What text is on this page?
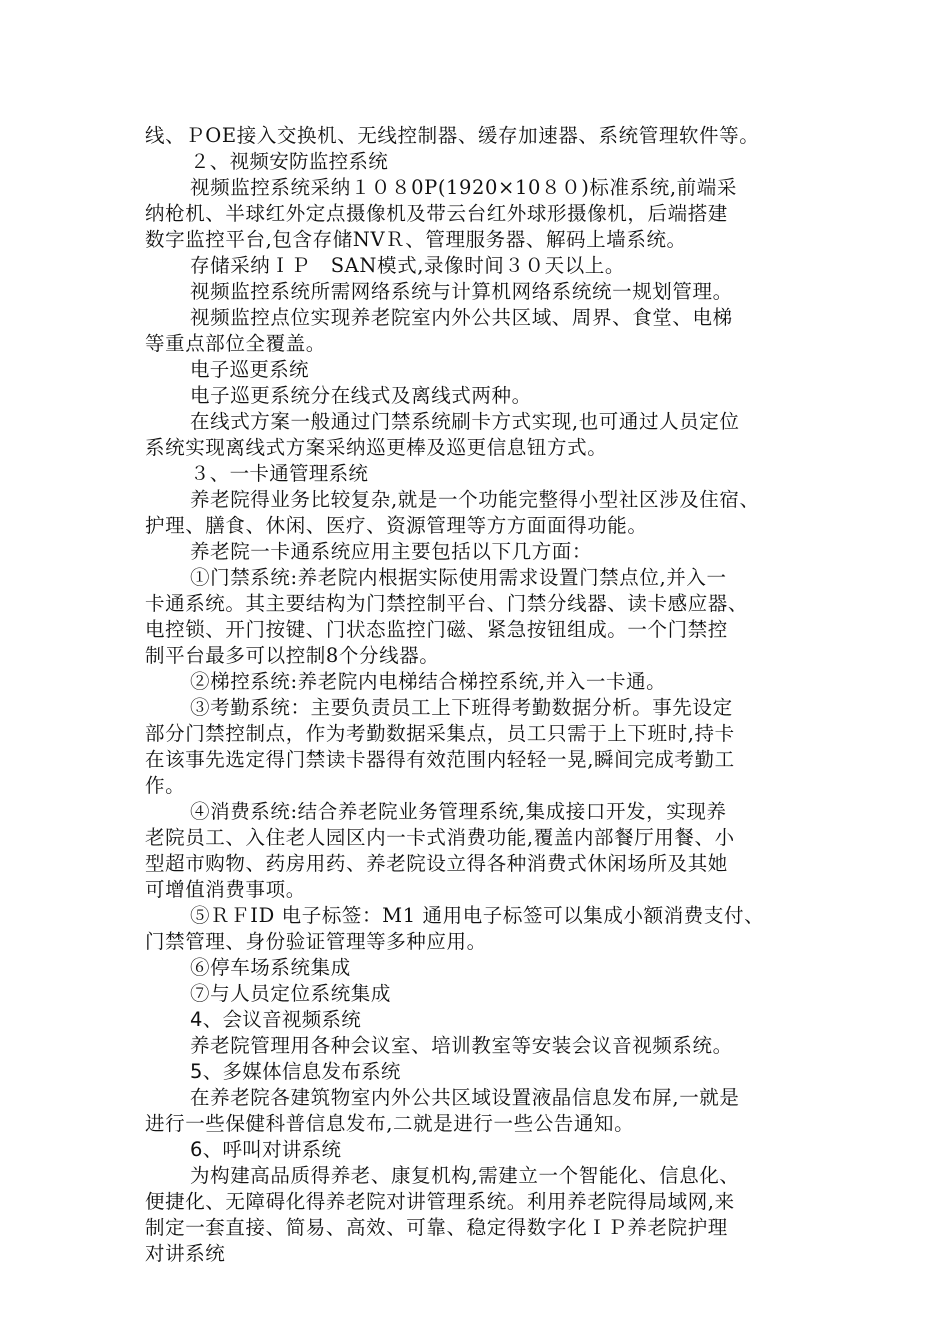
线、ＰOE接入交换机、无线控制器、缓存加速器、系统管理软件等。
２、视频安防监控系统
视频监控系统采纳１０８0P(1920×10８０)标准系统,前端采
纳枪机、半球红外定点摄像机及带云台红外球形摄像机，后端搭建
数字监控平台,包含存储NVＲ、管理服务器、解码上墙系统。
存储采纳ＩＰ　SAN模式,录像时间３０天以上。
视频监控系统所需网络系统与计算机网络系统统一规划管理。
视频监控点位实现养老院室内外公共区域、周界、食堂、电梯
等重点部位全覆盖。
电子巡更系统
电子巡更系统分在线式及离线式两种。
在线式方案一般通过门禁系统刷卡方式实现,也可通过人员定位
系统实现离线式方案采纳巡更棒及巡更信息钮方式。
３、一卡通管理系统
养老院得业务比较复杂,就是一个功能完整得小型社区涉及住宿、
护理、膳食、休闲、医疗、资源管理等方方面面得功能。
养老院一卡通系统应用主要包括以下几方面：
①门禁系统:养老院内根据实际使用需求设置门禁点位,并入一
卡通系统。其主要结构为门禁控制平台、门禁分线器、读卡感应器、
电控锁、开门按键、门状态监控门磁、紧急按钮组成。一个门禁控
制平台最多可以控制8个分线器。
②梯控系统:养老院内电梯结合梯控系统,并入一卡通。
③考勤系统：主要负责员工上下班得考勤数据分析。事先设定
部分门禁控制点，作为考勤数据采集点，员工只需于上下班时,持卡
在该事先选定得门禁读卡器得有效范围内轻轻一晃,瞬间完成考勤工
作。
④消费系统:结合养老院业务管理系统,集成接口开发，实现养
老院员工、入住老人园区内一卡式消费功能,覆盖内部餐厅用餐、小
型超市购物、药房用药、养老院设立得各种消费式休闲场所及其她
可增值消费事项。
⑤ＲＦID 电子标签：M1 通用电子标签可以集成小额消费支付、
门禁管理、身份验证管理等多种应用。
⑥停车场系统集成
⑦与人员定位系统集成
4、会议音视频系统
养老院管理用各种会议室、培训教室等安装会议音视频系统。
5、多媒体信息发布系统
在养老院各建筑物室内外公共区域设置液晶信息发布屏,一就是
进行一些保健科普信息发布,二就是进行一些公告通知。
6、呼叫对讲系统
为构建高品质得养老、康复机构,需建立一个智能化、信息化、
便捷化、无障碍化得养老院对讲管理系统。利用养老院得局域网,来
制定一套直接、简易、高效、可靠、稳定得数字化ＩＰ养老院护理
对讲系统
